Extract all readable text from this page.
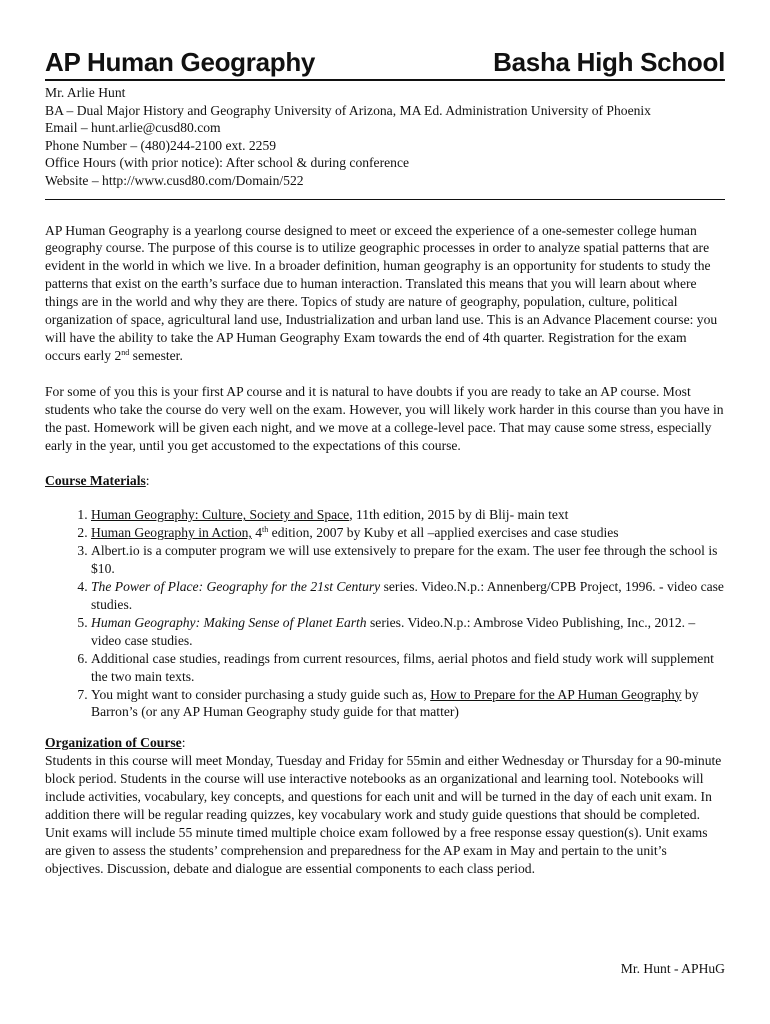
AP Human Geography	Basha High School
Mr. Arlie Hunt
BA – Dual Major History and Geography University of Arizona, MA Ed. Administration University of Phoenix
Email – hunt.arlie@cusd80.com
Phone Number – (480)244-2100 ext. 2259
Office Hours (with prior notice): After school & during conference
Website – http://www.cusd80.com/Domain/522

AP Human Geography is a yearlong course designed to meet or exceed the experience of a one-semester college human geography course. The purpose of this course is to utilize geographic processes in order to analyze spatial patterns that are evident in the world in which we live. In a broader definition, human geography is an opportunity for students to study the patterns that exist on the earth’s surface due to human interaction. Translated this means that you will learn about where things are in the world and why they are there. Topics of study are nature of geography, population, culture, political organization of space, agricultural land use, Industrialization and urban land use. This is an Advance Placement course: you will have the ability to take the AP Human Geography Exam towards the end of 4th quarter. Registration for the exam occurs early 2nd semester.

For some of you this is your first AP course and it is natural to have doubts if you are ready to take an AP course. Most students who take the course do very well on the exam. However, you will likely work harder in this course than you have in the past. Homework will be given each night, and we move at a college-level pace. That may cause some stress, especially early in the year, until you get accustomed to the expectations of this course.

Course Materials:
1. Human Geography: Culture, Society and Space, 11th edition, 2015 by di Blij- main text
2. Human Geography in Action, 4th edition, 2007 by Kuby et all –applied exercises and case studies
3. Albert.io is a computer program we will use extensively to prepare for the exam. The user fee through the school is $10.
4. The Power of Place: Geography for the 21st Century series. Video.N.p.: Annenberg/CPB Project, 1996. - video case studies.
5. Human Geography: Making Sense of Planet Earth series. Video.N.p.: Ambrose Video Publishing, Inc., 2012. –video case studies.
6. Additional case studies, readings from current resources, films, aerial photos and field study work will supplement the two main texts.
7. You might want to consider purchasing a study guide such as, How to Prepare for the AP Human Geography by Barron’s (or any AP Human Geography study guide for that matter)
Organization of Course:

Students in this course will meet Monday, Tuesday and Friday for 55min and either Wednesday or Thursday for a 90-minute block period. Students in the course will use interactive notebooks as an organizational and learning tool. Notebooks will include activities, vocabulary, key concepts, and questions for each unit and will be turned in the day of each unit exam. In addition there will be regular reading quizzes, key vocabulary work and study guide questions that should be completed. Unit exams will include 55 minute timed multiple choice exam followed by a free response essay question(s). Unit exams are given to assess the students’ comprehension and preparedness for the AP exam in May and pertain to the unit’s objectives. Discussion, debate and dialogue are essential components to each class period.

Mr. Hunt - APHuG
